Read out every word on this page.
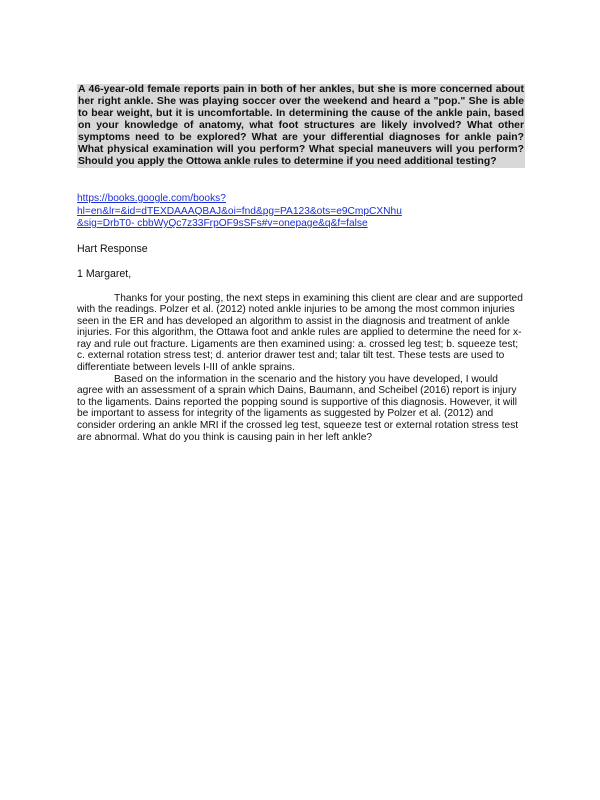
A 46-year-old female reports pain in both of her ankles, but she is more concerned about her right ankle. She was playing soccer over the weekend and heard a "pop." She is able to bear weight, but it is uncomfortable. In determining the cause of the ankle pain, based on your knowledge of anatomy, what foot structures are likely involved? What other symptoms need to be explored? What are your differential diagnoses for ankle pain? What physical examination will you perform? What special maneuvers will you perform? Should you apply the Ottowa ankle rules to determine if you need additional testing?

https://books.google.com/books?
hl=en&lr=&id=dTEXDAAAQBAJ&oi=fnd&pg=PA123&ots=e9CmpCXNhu
&sig=DrbT0- cbbWyQc7z33FrpOF9sSFs#v=onepage&q&f=false

Hart Response

1 Margaret,

Thanks for your posting, the next steps in examining this client are clear and are supported with the readings. Polzer et al. (2012) noted ankle injuries to be among the most common injuries seen in the ER and has developed an algorithm to assist in the diagnosis and treatment of ankle injuries. For this algorithm, the Ottawa foot and ankle rules are applied to determine the need for x-ray and rule out fracture. Ligaments are then examined using: a. crossed leg test; b. squeeze test; c. external rotation stress test; d. anterior drawer test and; talar tilt test. These tests are used to differentiate between levels I-III of ankle sprains.

Based on the information in the scenario and the history you have developed, I would agree with an assessment of a sprain which Dains, Baumann, and Scheibel (2016) report is injury to the ligaments. Dains reported the popping sound is supportive of this diagnosis. However, it will be important to assess for integrity of the ligaments as suggested by Polzer et al. (2012) and consider ordering an ankle MRI if the crossed leg test, squeeze test or external rotation stress test are abnormal. What do you think is causing pain in her left ankle?
